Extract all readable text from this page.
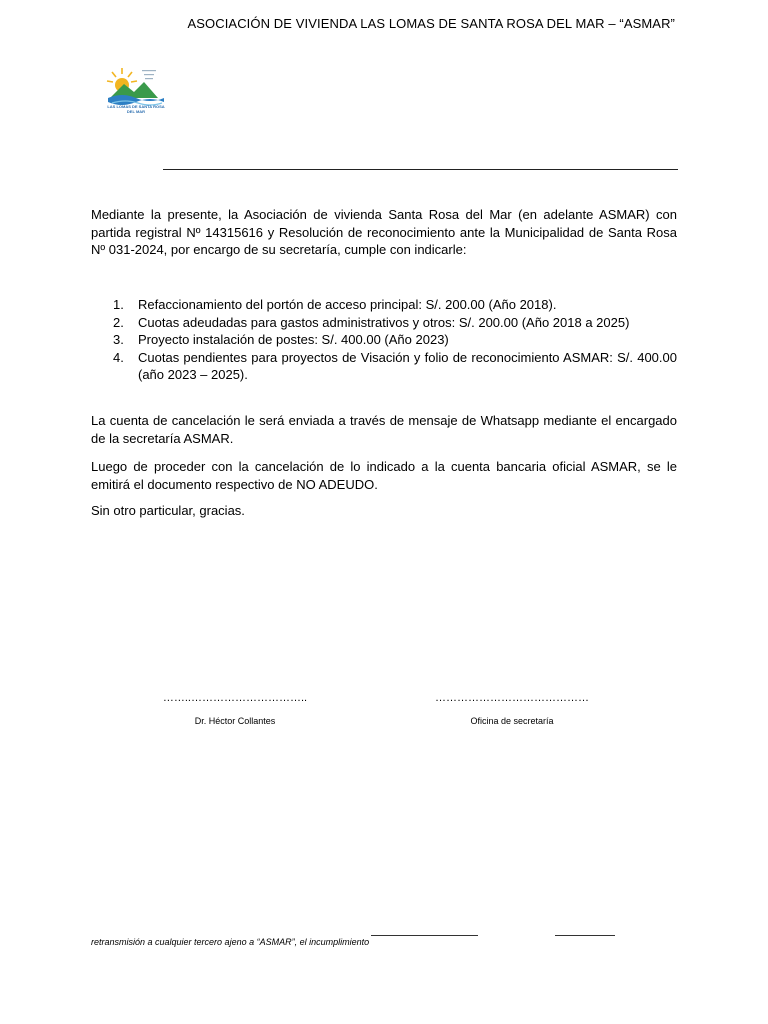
ASOCIACIÓN DE VIVIENDA LAS LOMAS DE SANTA ROSA DEL MAR – “ASMAR”
LAS LOMAS DE SANTA ROSA DEL MAR
Mediante la presente, la Asociación de vivienda Santa Rosa del Mar (en adelante ASMAR) con partida registral Nº 14315616 y Resolución de reconocimiento ante la Municipalidad de Santa Rosa Nº 031-2024, por encargo de su secretaría, cumple con indicarle:
1. Refaccionamiento del portón de acceso principal: S/. 200.00 (Año 2018).
2. Cuotas adeudadas para gastos administrativos y otros: S/. 200.00 (Año 2018 a 2025)
3. Proyecto instalación de postes: S/. 400.00 (Año 2023)
4. Cuotas pendientes para proyectos de Visación y folio de reconocimiento ASMAR: S/. 400.00 (año 2023 – 2025).
La cuenta de cancelación le será enviada a través de mensaje de Whatsapp mediante el encargado de la secretaría ASMAR.
Luego de proceder con la cancelación de lo indicado a la cuenta bancaria oficial ASMAR, se le emitirá el documento respectivo de NO ADEUDO.
Sin otro particular, gracias.
……..…………………………..
Dr. Héctor Collantes
……………………………………
Oficina de secretaría
retransmisión a cualquier tercero ajeno a “ASMAR”, el incumplimiento
